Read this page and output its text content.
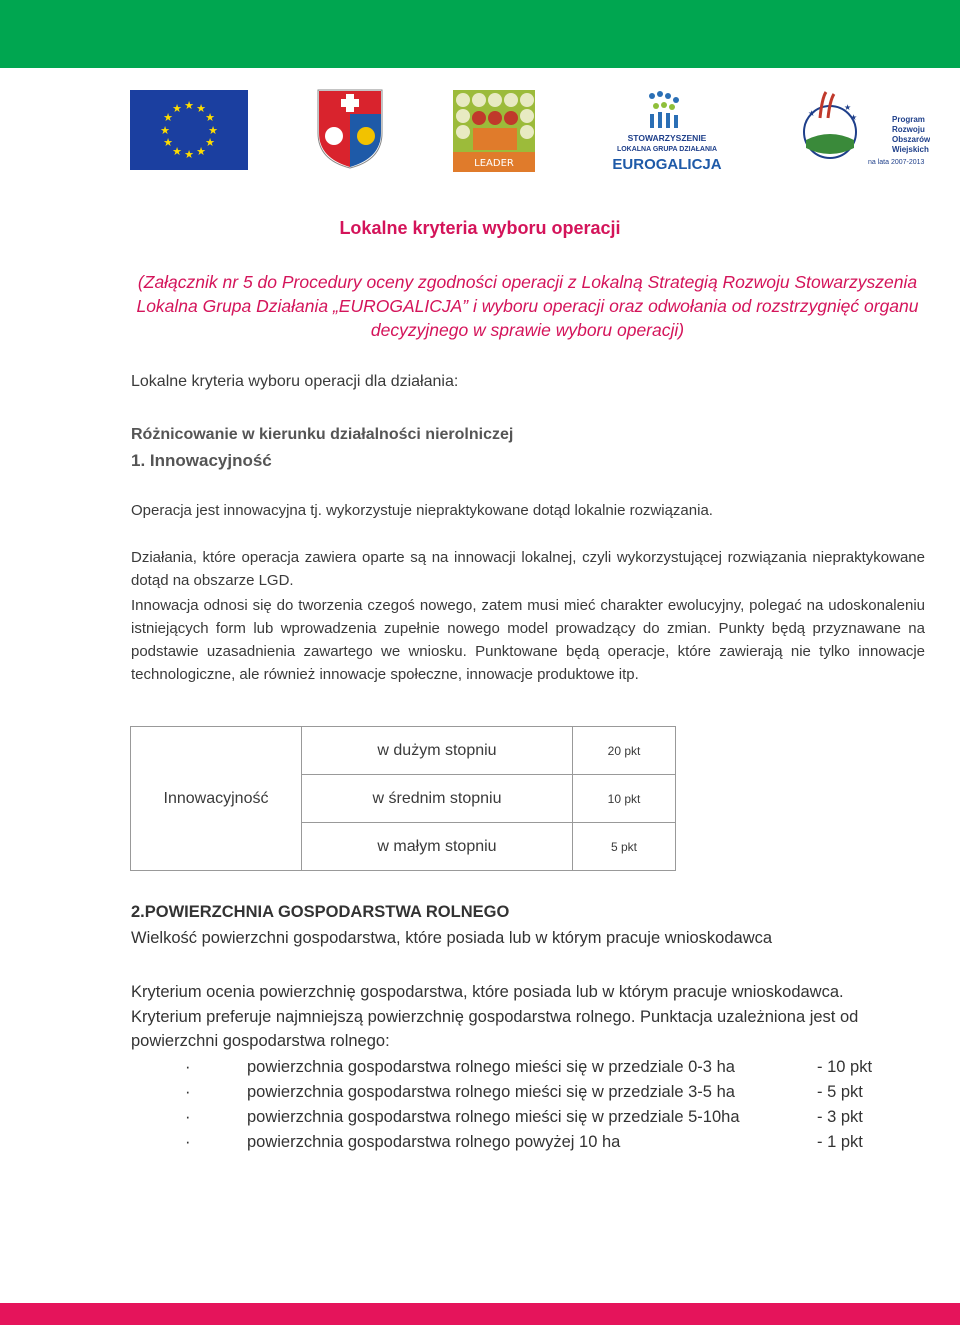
★ ★
★
★
★
★
★
★
★
★
★
★
LEADER
STOWARZYSZENIE
LOKALNA GRUPA DZIAŁANIA
EUROGALICJA
★
★
★	Program
Rozwoju
Obszarów
Wiejskich
na lata 2007-2013
Lokalne kryteria wyboru operacji
(Załącznik nr 5 do Procedury oceny zgodności operacji z Lokalną Strategią Rozwoju Stowarzyszenia Lokalna Grupa Działania „EUROGALICJA” i wyboru operacji oraz odwołania od rozstrzygnięć organu decyzyjnego w sprawie wyboru operacji)
Lokalne kryteria wyboru operacji dla działania:
Różnicowanie w kierunku działalności nierolniczej
1. Innowacyjność
Operacja jest innowacyjna tj. wykorzystuje niepraktykowane dotąd lokalnie rozwiązania.
Działania, które operacja zawiera oparte są na innowacji lokalnej, czyli wykorzystującej rozwiązania niepraktykowane dotąd na obszarze LGD.
Innowacja odnosi się do tworzenia czegoś nowego, zatem musi mieć charakter ewolucyjny, polegać na udoskonaleniu istniejących form lub wprowadzenia zupełnie nowego model prowadzący do zmian. Punkty będą przyznawane na podstawie uzasadnienia zawartego we wniosku. Punktowane będą operacje, które zawierają nie tylko innowacje technologiczne, ale również innowacje społeczne, innowacje produktowe itp.
Innowacyjność	w dużym stopniu	20 pkt
	w średnim stopniu	10 pkt
	w małym stopniu	5 pkt
2.POWIERZCHNIA GOSPODARSTWA ROLNEGO
Wielkość powierzchni gospodarstwa, które posiada lub w którym pracuje wnioskodawca
Kryterium ocenia powierzchnię gospodarstwa, które posiada lub w którym pracuje wnioskodawca. Kryterium preferuje najmniejszą powierzchnię gospodarstwa rolnego. Punktacja uzależniona jest od powierzchni gospodarstwa rolnego:
·	powierzchnia gospodarstwa rolnego mieści się w przedziale 0-3 ha	- 10 pkt
·	powierzchnia gospodarstwa rolnego mieści się w przedziale 3-5 ha	- 5 pkt
·	powierzchnia gospodarstwa rolnego mieści się w przedziale 5-10ha	- 3 pkt
·	powierzchnia gospodarstwa rolnego powyżej 10 ha	- 1 pkt
